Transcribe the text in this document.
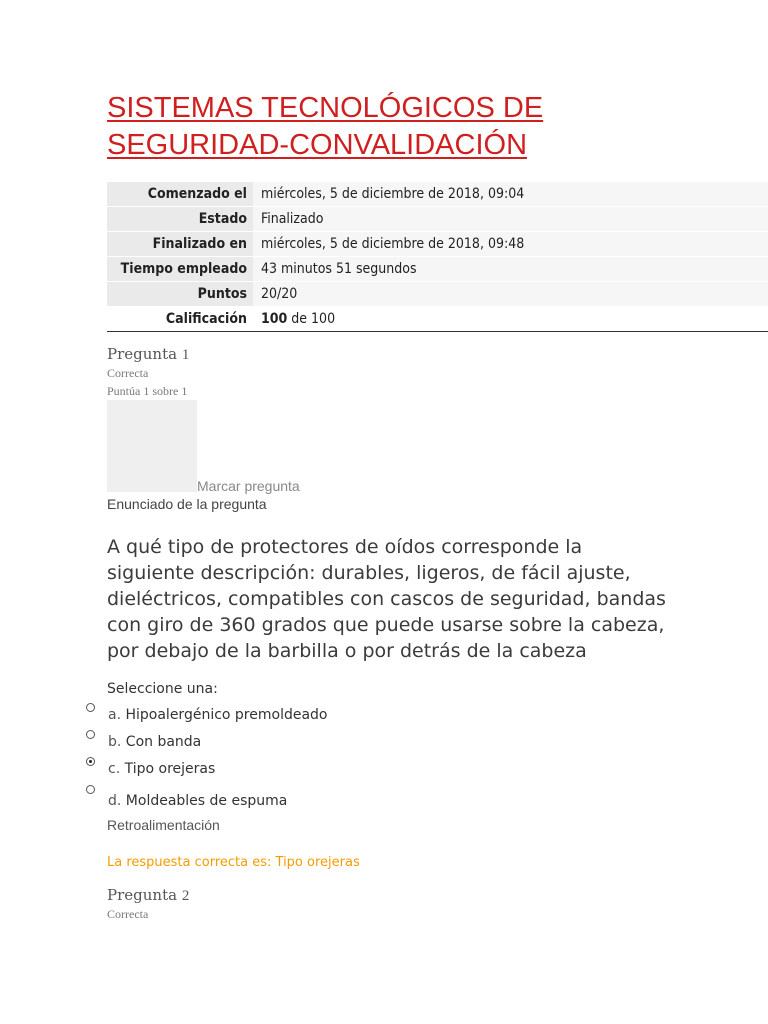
SISTEMAS TECNOLÓGICOS DE
SEGURIDAD-CONVALIDACIÓN
Comenzado el	miércoles, 5 de diciembre de 2018, 09:04
Estado	Finalizado
Finalizado en	miércoles, 5 de diciembre de 2018, 09:48
Tiempo empleado	43 minutos 51 segundos
Puntos	20/20
Calificación	100 de 100
Pregunta 1
Correcta
Puntúa 1 sobre 1
Marcar pregunta
Enunciado de la pregunta

A qué tipo de protectores de oídos corresponde la siguiente descripción: durables, ligeros, de fácil ajuste, dieléctricos, compatibles con cascos de seguridad, bandas con giro de 360 grados que puede usarse sobre la cabeza, por debajo de la barbilla o por detrás de la cabeza

Seleccione una:
a. Hipoalergénico premoldeado
b. Con banda
c. Tipo orejeras
d. Moldeables de espuma
Retroalimentación
La respuesta correcta es: Tipo orejeras
Pregunta 2
Correcta
